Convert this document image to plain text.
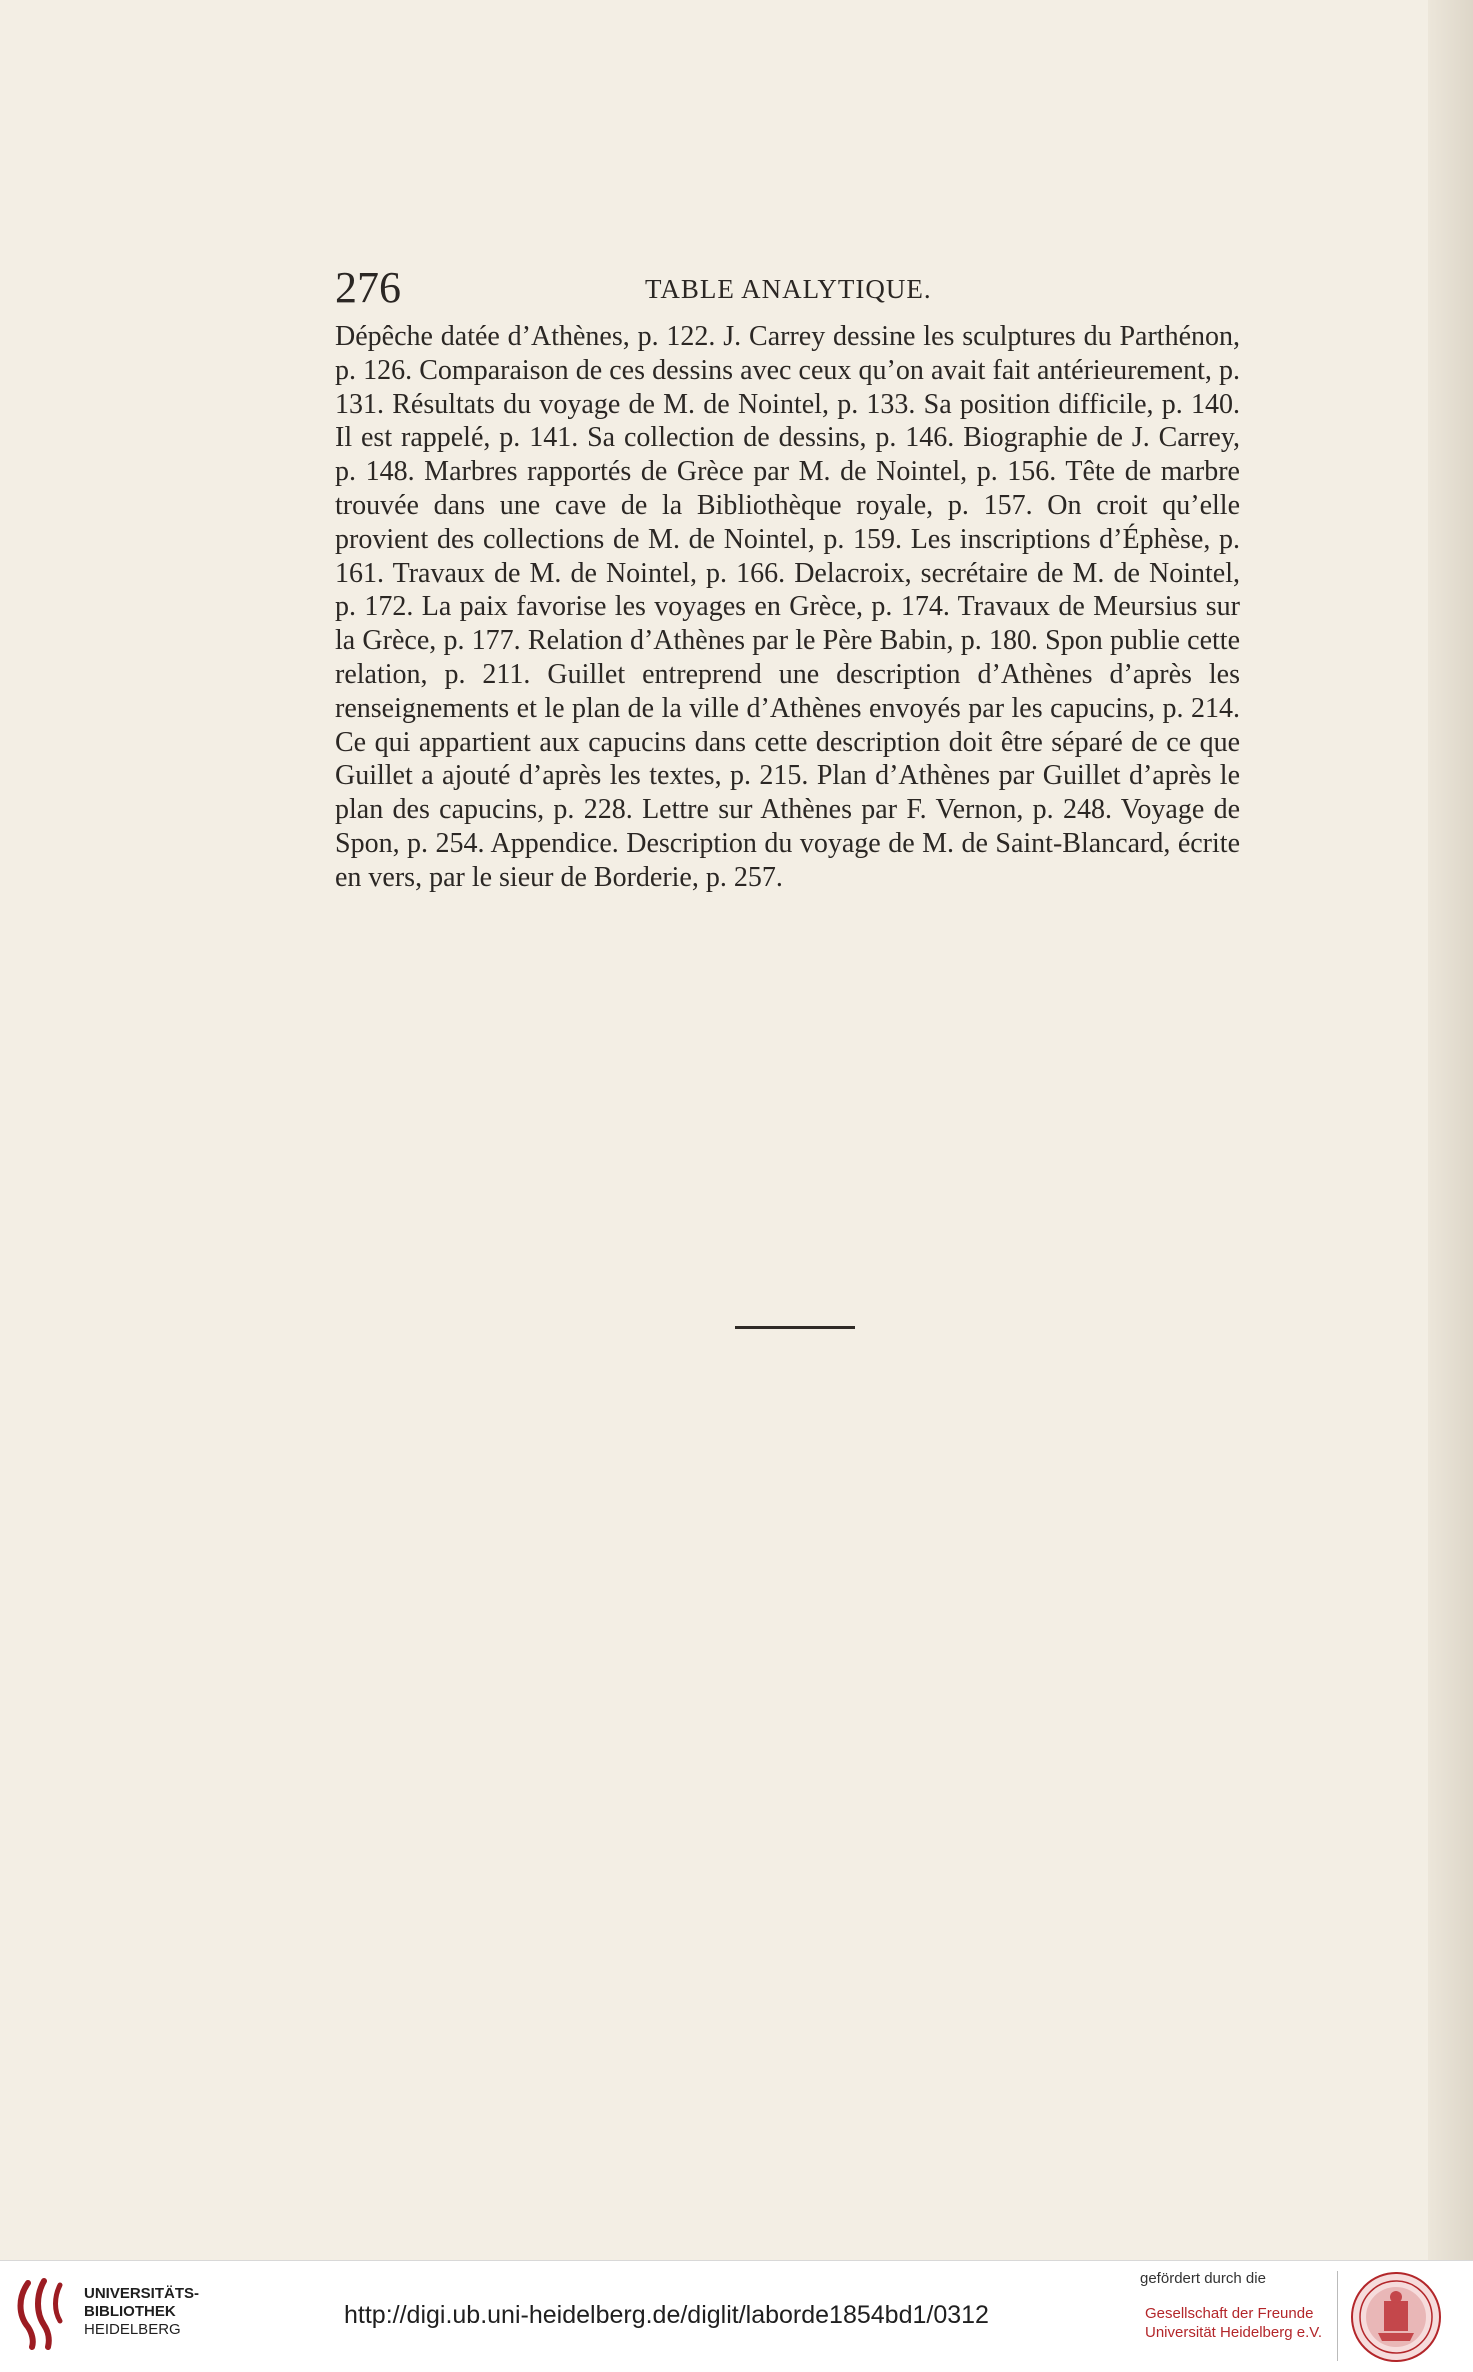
276	TABLE ANALYTIQUE.
Dépêche datée d’Athènes, p. 122. J. Carrey dessine les sculptures du Parthénon, p. 126. Comparaison de ces dessins avec ceux qu’on avait fait antérieurement, p. 131. Résultats du voyage de M. de Nointel, p. 133. Sa position difficile, p. 140. Il est rappelé, p. 141. Sa collection de dessins, p. 146. Biographie de J. Carrey, p. 148. Marbres rapportés de Grèce par M. de Nointel, p. 156. Tête de marbre trouvée dans une cave de la Bibliothèque royale, p. 157. On croit qu’elle provient des collections de M. de Nointel, p. 159. Les inscriptions d’Éphèse, p. 161. Travaux de M. de Nointel, p. 166. Delacroix, secrétaire de M. de Nointel, p. 172. La paix favorise les voyages en Grèce, p. 174. Travaux de Meursius sur la Grèce, p. 177. Relation d’Athènes par le Père Babin, p. 180. Spon publie cette relation, p. 211. Guillet entreprend une description d’Athènes d’après les renseignements et le plan de la ville d’Athènes envoyés par les capucins, p. 214. Ce qui appartient aux capucins dans cette description doit être séparé de ce que Guillet a ajouté d’après les textes, p. 215. Plan d’Athènes par Guillet d’après le plan des capucins, p. 228. Lettre sur Athènes par F. Vernon, p. 248. Voyage de Spon, p. 254. Appendice. Description du voyage de M. de Saint-Blancard, écrite en vers, par le sieur de Borderie, p. 257.
UNIVERSITÄTS-
BIBLIOTHEK
HEIDELBERG
http://digi.ub.uni-heidelberg.de/diglit/laborde1854bd1/0312
gefördert durch die
Gesellschaft der Freunde
Universität Heidelberg e.V.
